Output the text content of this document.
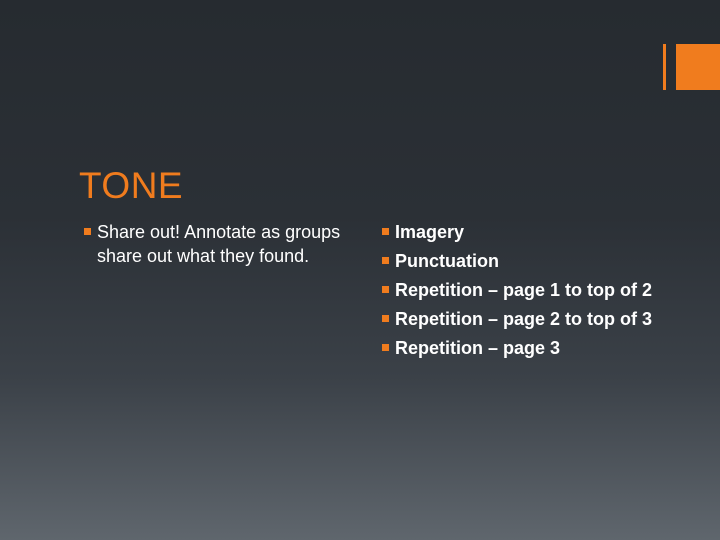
TONE
Share out! Annotate as groups share out what they found.
Imagery
Punctuation
Repetition – page 1 to top of 2
Repetition – page 2 to top of 3
Repetition – page 3
